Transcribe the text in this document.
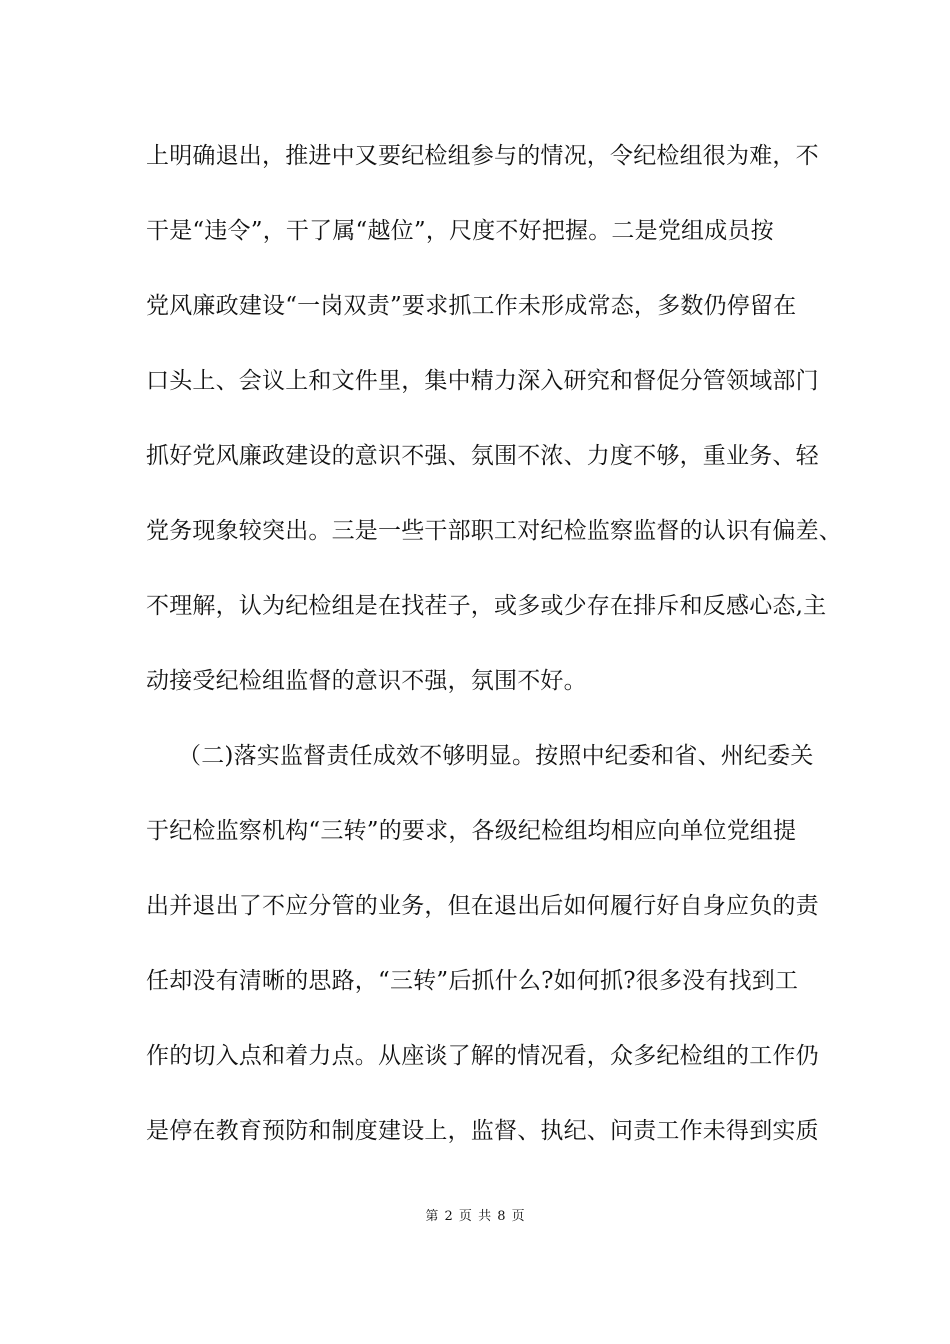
上明确退出，推进中又要纪检组参与的情况，令纪检组很为难，不
干是“违令”，干了属“越位”，尺度不好把握。二是党组成员按
党风廉政建设“一岗双责”要求抓工作未形成常态，多数仍停留在
口头上、会议上和文件里，集中精力深入研究和督促分管领域部门
抓好党风廉政建设的意识不强、氛围不浓、力度不够，重业务、轻
党务现象较突出。三是一些干部职工对纪检监察监督的认识有偏差、
不理解，认为纪检组是在找茬子，或多或少存在排斥和反感心态,主
动接受纪检组监督的意识不强，氛围不好。
（二)落实监督责任成效不够明显。按照中纪委和省、州纪委关
于纪检监察机构“三转”的要求，各级纪检组均相应向单位党组提
出并退出了不应分管的业务，但在退出后如何履行好自身应负的责
任却没有清晰的思路，“三转”后抓什么?如何抓?很多没有找到工
作的切入点和着力点。从座谈了解的情况看，众多纪检组的工作仍
是停在教育预防和制度建设上，监督、执纪、问责工作未得到实质
第 2 页 共 8 页
